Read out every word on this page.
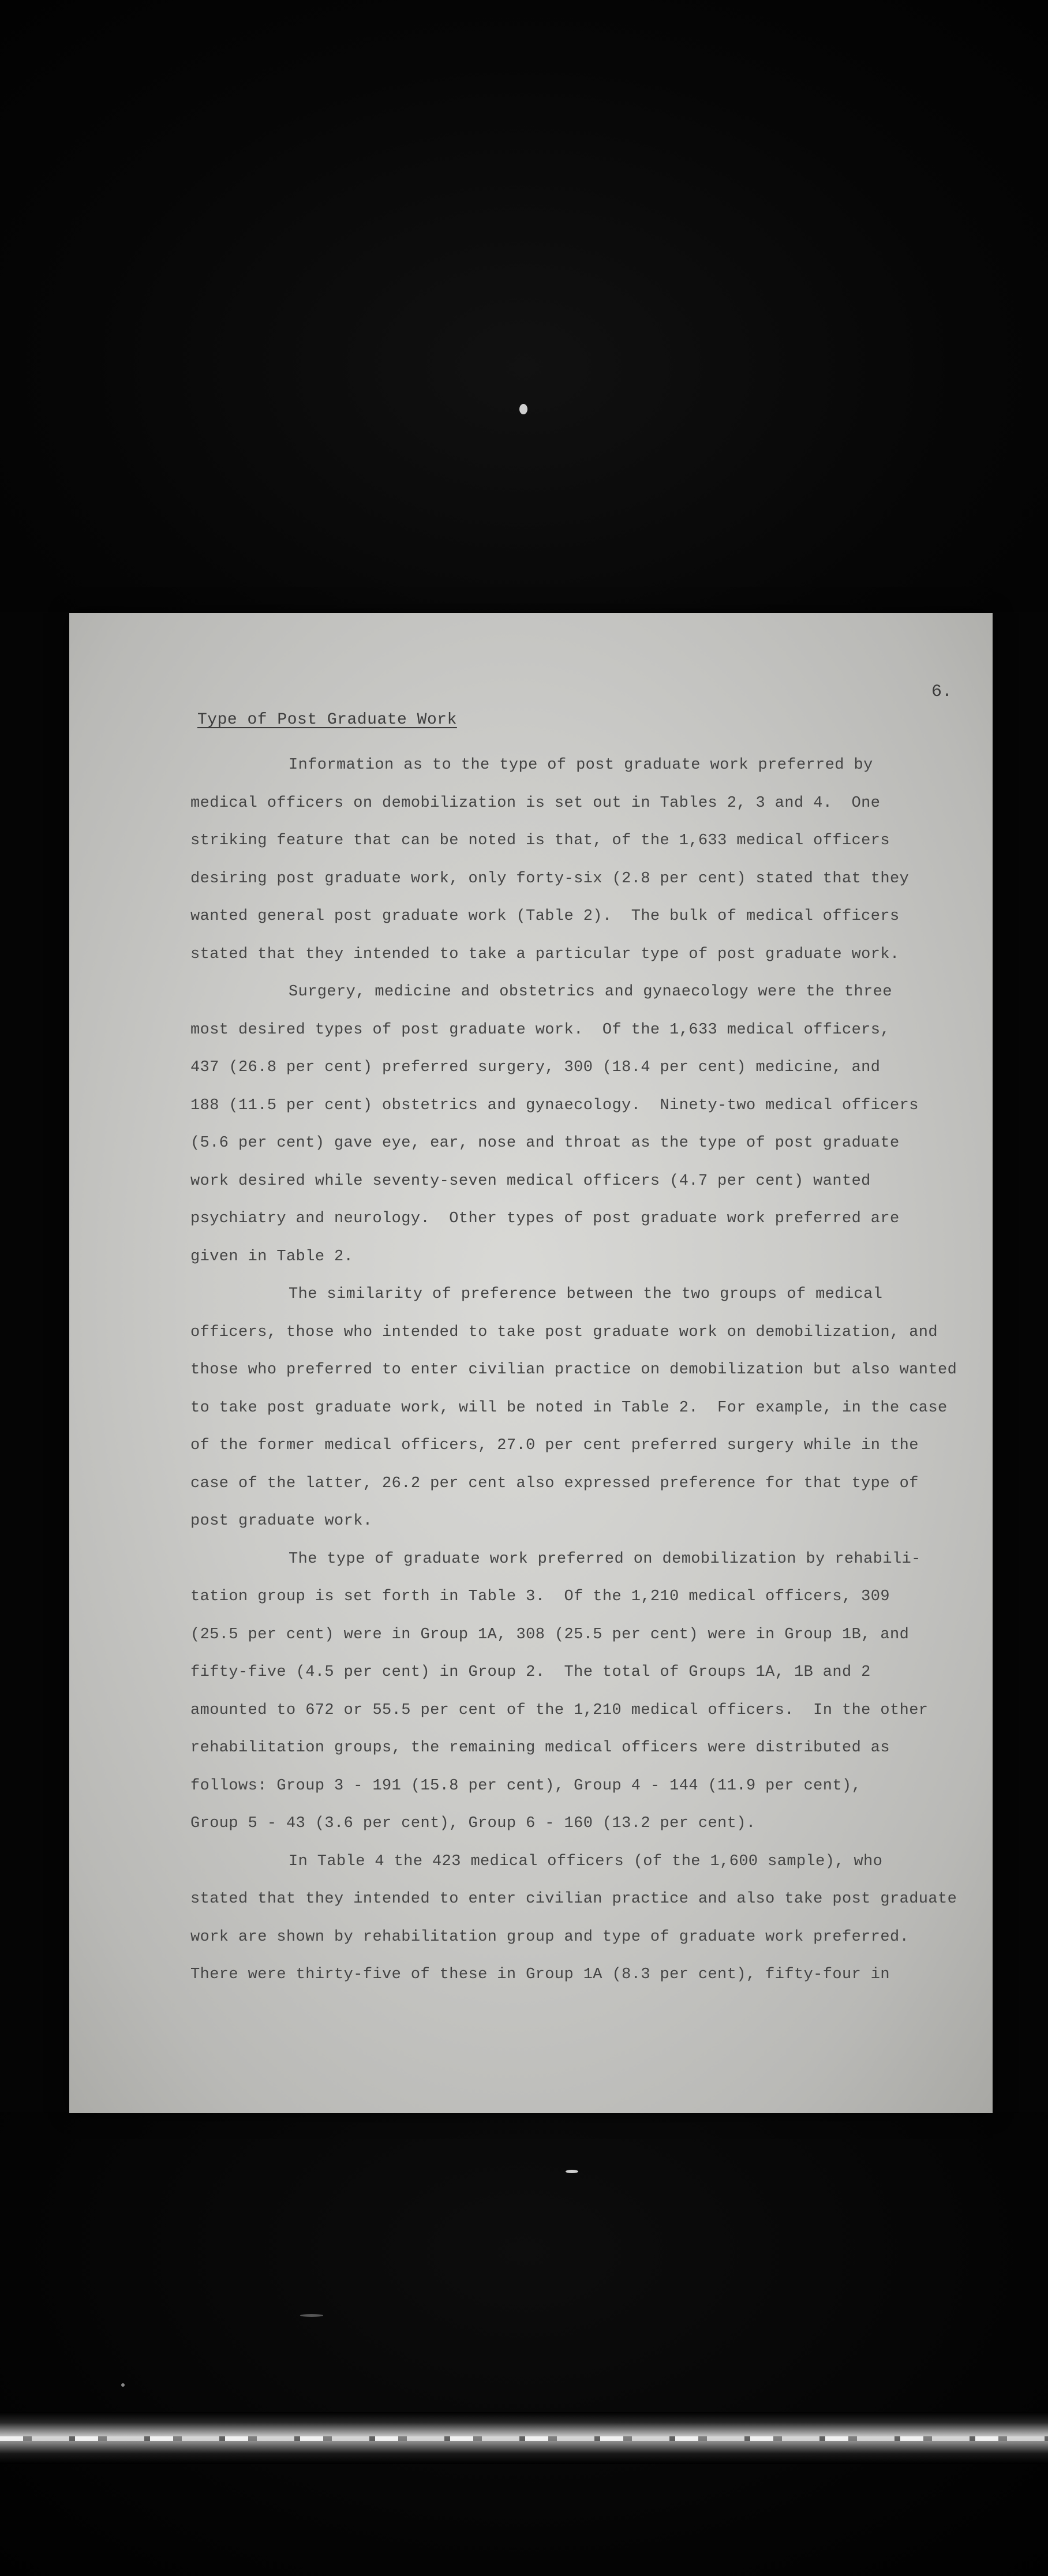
6.
Type of Post Graduate Work

Information as to the type of post graduate work preferred by

medical officers on demobilization is set out in Tables 2, 3 and 4.  One

striking feature that can be noted is that, of the 1,633 medical officers

desiring post graduate work, only forty-six (2.8 per cent) stated that they

wanted general post graduate work (Table 2).  The bulk of medical officers

stated that they intended to take a particular type of post graduate work.

Surgery, medicine and obstetrics and gynaecology were the three

most desired types of post graduate work.  Of the 1,633 medical officers,

437 (26.8 per cent) preferred surgery, 300 (18.4 per cent) medicine, and

188 (11.5 per cent) obstetrics and gynaecology.  Ninety-two medical officers

(5.6 per cent) gave eye, ear, nose and throat as the type of post graduate

work desired while seventy-seven medical officers (4.7 per cent) wanted

psychiatry and neurology.  Other types of post graduate work preferred are

given in Table 2.

The similarity of preference between the two groups of medical

officers, those who intended to take post graduate work on demobilization, and

those who preferred to enter civilian practice on demobilization but also wanted

to take post graduate work, will be noted in Table 2.  For example, in the case

of the former medical officers, 27.0 per cent preferred surgery while in the

case of the latter, 26.2 per cent also expressed preference for that type of

post graduate work.

The type of graduate work preferred on demobilization by rehabili-

tation group is set forth in Table 3.  Of the 1,210 medical officers, 309

(25.5 per cent) were in Group 1A, 308 (25.5 per cent) were in Group 1B, and

fifty-five (4.5 per cent) in Group 2.  The total of Groups 1A, 1B and 2

amounted to 672 or 55.5 per cent of the 1,210 medical officers.  In the other

rehabilitation groups, the remaining medical officers were distributed as

follows: Group 3 - 191 (15.8 per cent), Group 4 - 144 (11.9 per cent),

Group 5 - 43 (3.6 per cent), Group 6 - 160 (13.2 per cent).

In Table 4 the 423 medical officers (of the 1,600 sample), who

stated that they intended to enter civilian practice and also take post graduate

work are shown by rehabilitation group and type of graduate work preferred.

There were thirty-five of these in Group 1A (8.3 per cent), fifty-four in
